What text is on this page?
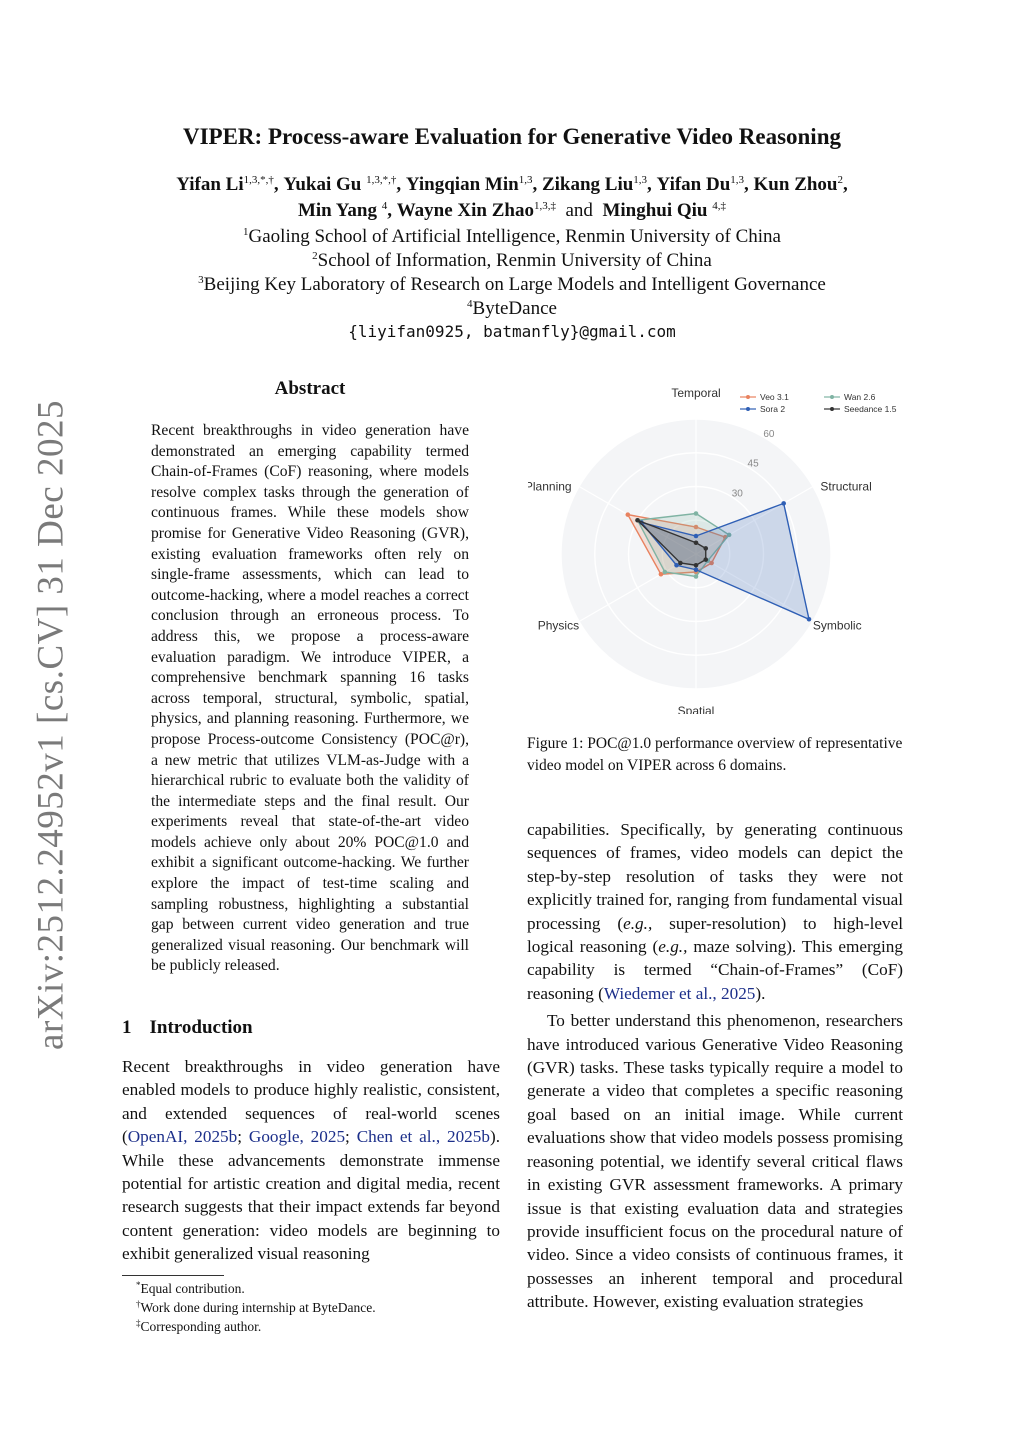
arXiv:2512.24952v1 [cs.CV] 31 Dec 2025
VIPER: Process-aware Evaluation for Generative Video Reasoning
Yifan $Li^{1,3,*,\dagger}$, Yukai Gu $^{1,3,*,\dagger}$, Yingqian Min$^{1,3}$, Zikang Liu$^{1,3}$, Yifan Du$^{1,3}$, Kun Zhou$^2$,
Min Yang $^4$, Wayne Xin Zhao$^{1,3,\ddagger}$ and Minghui Qiu $^{4,\ddagger}$
$^1$Gaoling School of Artificial Intelligence, Renmin University of China
$^2$School of Information, Renmin University of China
$^3$Beijing Key Laboratory of Research on Large Models and Intelligent Governance
$^4$ByteDance
{liyifan0925, batmanfly}@gmail.com
Abstract
Recent breakthroughs in video generation have demonstrated an emerging capability termed Chain-of-Frames (CoF) reasoning, where models resolve complex tasks through the generation of continuous frames. While these models show promise for Generative Video Reasoning (GVR), existing evaluation frameworks often rely on single-frame assessments, which can lead to outcome-hacking, where a model reaches a correct conclusion through an erroneous process. To address this, we propose a process-aware evaluation paradigm. We introduce VIPER, a comprehensive benchmark spanning 16 tasks across temporal, structural, symbolic, spatial, physics, and planning reasoning. Furthermore, we propose Process-outcome Consistency (POC@r), a new metric that utilizes VLM-as-Judge with a hierarchical rubric to evaluate both the validity of the intermediate steps and the final result. Our experiments reveal that state-of-the-art video models achieve only about 20% POC@1.0 and exhibit a significant outcome-hacking. We further explore the impact of test-time scaling and sampling robustness, highlighting a substantial gap between current video generation and true generalized visual reasoning. Our benchmark will be publicly released.
1 Introduction
Recent breakthroughs in video generation have enabled models to produce highly realistic, consistent, and extended sequences of real-world scenes (OpenAI, 2025b; Google, 2025; Chen et al., 2025b). While these advancements demonstrate immense potential for artistic creation and digital media, recent research suggests that their impact extends far beyond content generation: video models are beginning to exhibit generalized visual reasoning
*Equal contribution.
†Work done during internship at ByteDance.
‡Corresponding author.
30
45
60
Temporal
Structural
Symbolic
Spatial
Physics
Planning
Veo 3.1	Wan 2.6
Sora 2	Seedance 1.5
Figure 1: POC@1.0 performance overview of representative video model on VIPER across 6 domains.

capabilities. Specifically, by generating continuous sequences of frames, video models can depict the step-by-step resolution of tasks they were not explicitly trained for, ranging from fundamental visual processing (e.g., super-resolution) to high-level logical reasoning (e.g., maze solving). This emerging capability is termed “Chain-of-Frames” (CoF) reasoning (Wiedemer et al., 2025).

To better understand this phenomenon, researchers have introduced various Generative Video Reasoning (GVR) tasks. These tasks typically require a model to generate a video that completes a specific reasoning goal based on an initial image. While current evaluations show that video models possess promising reasoning potential, we identify several critical flaws in existing GVR assessment frameworks. A primary issue is that existing evaluation data and strategies provide insufficient focus on the procedural nature of video. Since a video consists of continuous frames, it possesses an inherent temporal and procedural attribute. However, existing evaluation strategies
